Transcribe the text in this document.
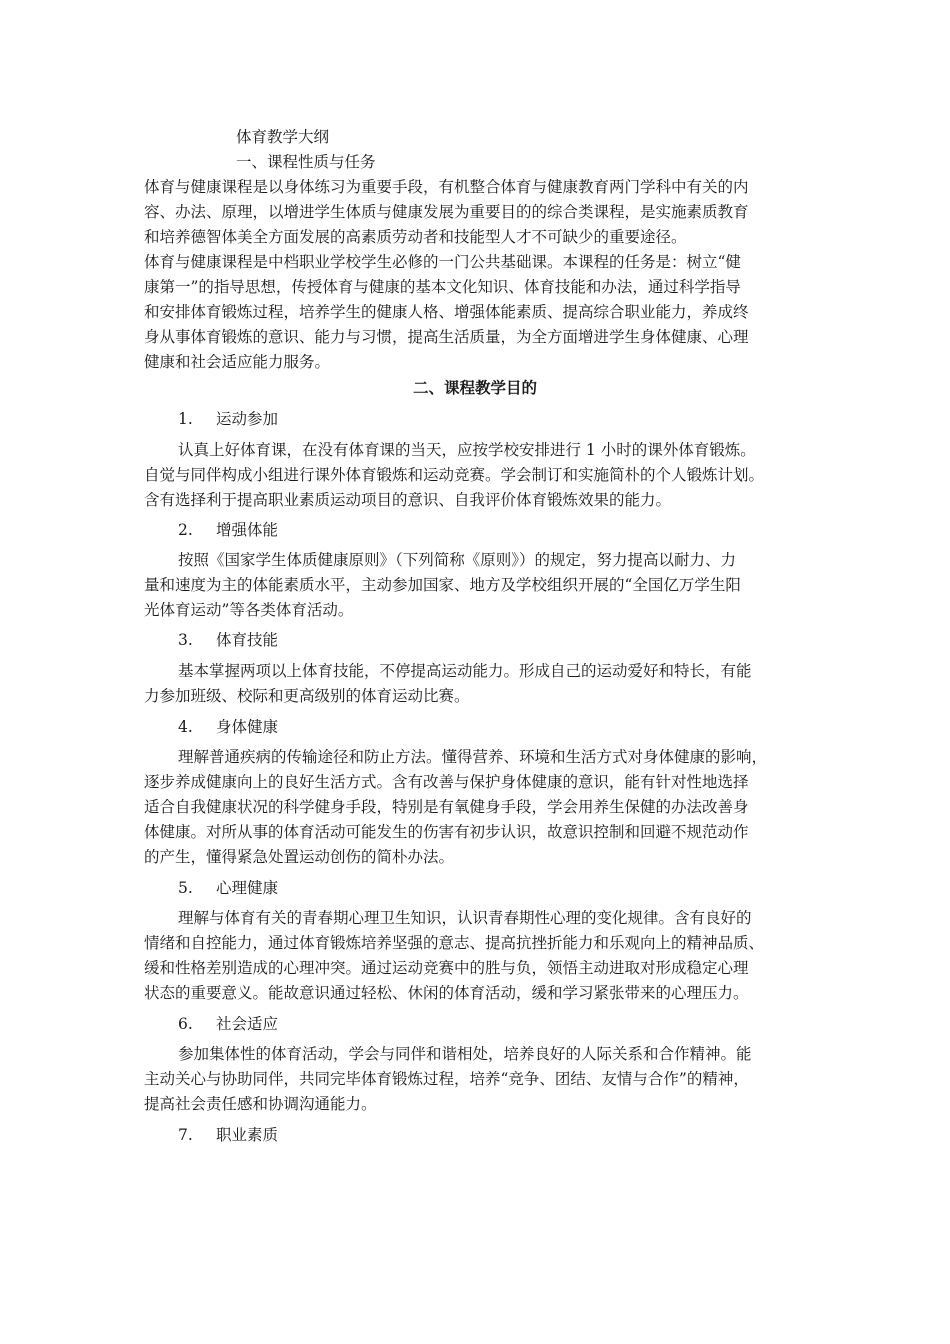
体育教学大纲
一、课程性质与任务
体育与健康课程是以身体练习为重要手段，有机整合体育与健康教育两门学科中有关的内
容、办法、原理，以增进学生体质与健康发展为重要目的的综合类课程，是实施素质教育
和培养德智体美全方面发展的高素质劳动者和技能型人才不可缺少的重要途径。
体育与健康课程是中档职业学校学生必修的一门公共基础课。本课程的任务是：树立“健
康第一”的指导思想，传授体育与健康的基本文化知识、体育技能和办法，通过科学指导
和安排体育锻炼过程，培养学生的健康人格、增强体能素质、提高综合职业能力，养成终
身从事体育锻炼的意识、能力与习惯，提高生活质量，为全方面增进学生身体健康、心理
健康和社会适应能力服务。
二、课程教学目的
1. 运动参加
认真上好体育课，在没有体育课的当天，应按学校安排进行 1 小时的课外体育锻炼。
自觉与同伴构成小组进行课外体育锻炼和运动竞赛。学会制订和实施简朴的个人锻炼计划。
含有选择利于提高职业素质运动项目的意识、自我评价体育锻炼效果的能力。
2. 增强体能
按照《国家学生体质健康原则》（下列简称《原则》）的规定，努力提高以耐力、力
量和速度为主的体能素质水平，主动参加国家、地方及学校组织开展的“全国亿万学生阳
光体育运动”等各类体育活动。
3. 体育技能
基本掌握两项以上体育技能，不停提高运动能力。形成自己的运动爱好和特长，有能
力参加班级、校际和更高级别的体育运动比赛。
4. 身体健康
理解普通疾病的传输途径和防止方法。懂得营养、环境和生活方式对身体健康的影响，
逐步养成健康向上的良好生活方式。含有改善与保护身体健康的意识，能有针对性地选择
适合自我健康状况的科学健身手段，特别是有氧健身手段，学会用养生保健的办法改善身
体健康。对所从事的体育活动可能发生的伤害有初步认识，故意识控制和回避不规范动作
的产生，懂得紧急处置运动创伤的简朴办法。
5. 心理健康
理解与体育有关的青春期心理卫生知识，认识青春期性心理的变化规律。含有良好的
情绪和自控能力，通过体育锻炼培养坚强的意志、提高抗挫折能力和乐观向上的精神品质、
缓和性格差别造成的心理冲突。通过运动竞赛中的胜与负，领悟主动进取对形成稳定心理
状态的重要意义。能故意识通过轻松、休闲的体育活动，缓和学习紧张带来的心理压力。
6. 社会适应
参加集体性的体育活动，学会与同伴和谐相处，培养良好的人际关系和合作精神。能
主动关心与协助同伴，共同完毕体育锻炼过程，培养“竞争、团结、友情与合作”的精神，
提高社会责任感和协调沟通能力。
7. 职业素质
